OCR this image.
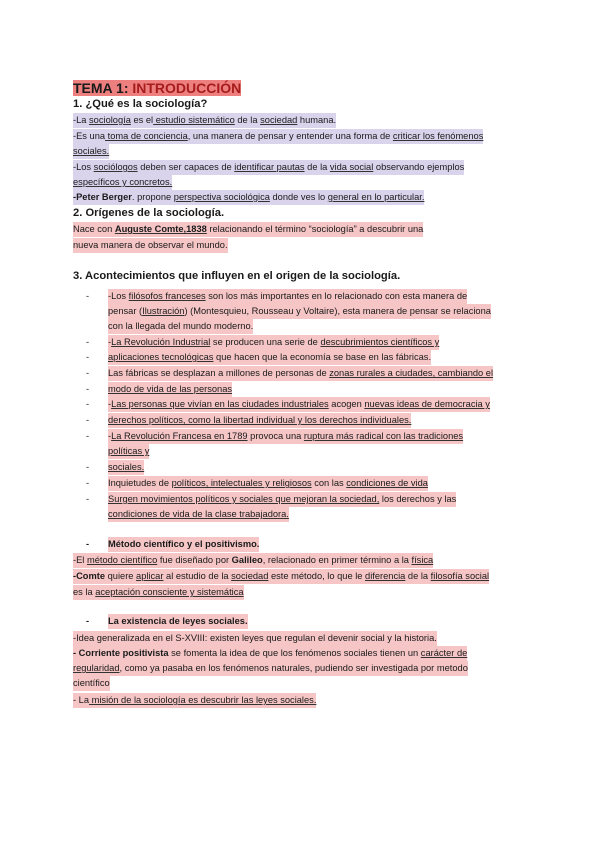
TEMA 1: INTRODUCCIÓN
1. ¿Qué es la sociología?
-La sociología es el estudio sistemático de la sociedad humana.
-Es una toma de conciencia, una manera de pensar y entender una forma de criticar los fenómenos
sociales.
-Los sociólogos deben ser capaces de identificar pautas de la vida social observando ejemplos
específicos y concretos.
-Peter Berger. propone perspectiva sociológica donde ves lo general en lo particular.
2. Orígenes de la sociología.
Nace con Auguste Comte,1838 relacionando el término “sociología” a descubrir una
nueva manera de observar el mundo.
3. Acontecimientos que influyen en el origen de la sociología.
- -Los filósofos franceses son los más importantes en lo relacionado con esta manera de
pensar (Ilustración) (Montesquieu, Rousseau y Voltaire), esta manera de pensar se relaciona
con la llegada del mundo moderno.
- -La Revolución Industrial se producen una serie de descubrimientos científicos y
- aplicaciones tecnológicas que hacen que la economía se base en las fábricas.
- Las fábricas se desplazan a millones de personas de zonas rurales a ciudades, cambiando el
- modo de vida de las personas
- -Las personas que vivían en las ciudades industriales acogen nuevas ideas de democracia y
- derechos políticos, como la libertad individual y los derechos individuales.
- -La Revolución Francesa en 1789 provoca una ruptura más radical con las tradiciones
políticas y
- sociales.
- Inquietudes de políticos, intelectuales y religiosos con las condiciones de vida
- Surgen movimientos políticos y sociales que mejoran la sociedad, los derechos y las
condiciones de vida de la clase trabajadora.
- Método científico y el positivismo.
-El método científico fue diseñado por Galileo, relacionado en primer término a la física
-Comte quiere aplicar al estudio de la sociedad este método, lo que le diferencia de la filosofía social
es la aceptación consciente y sistemática
- La existencia de leyes sociales.
-Idea generalizada en el S-XVIII: existen leyes que regulan el devenir social y la historia.
- Corriente positivista se fomenta la idea de que los fenómenos sociales tienen un carácter de
regularidad, como ya pasaba en los fenómenos naturales, pudiendo ser investigada por metodo
científico
- La misión de la sociología es descubrir las leyes sociales.
